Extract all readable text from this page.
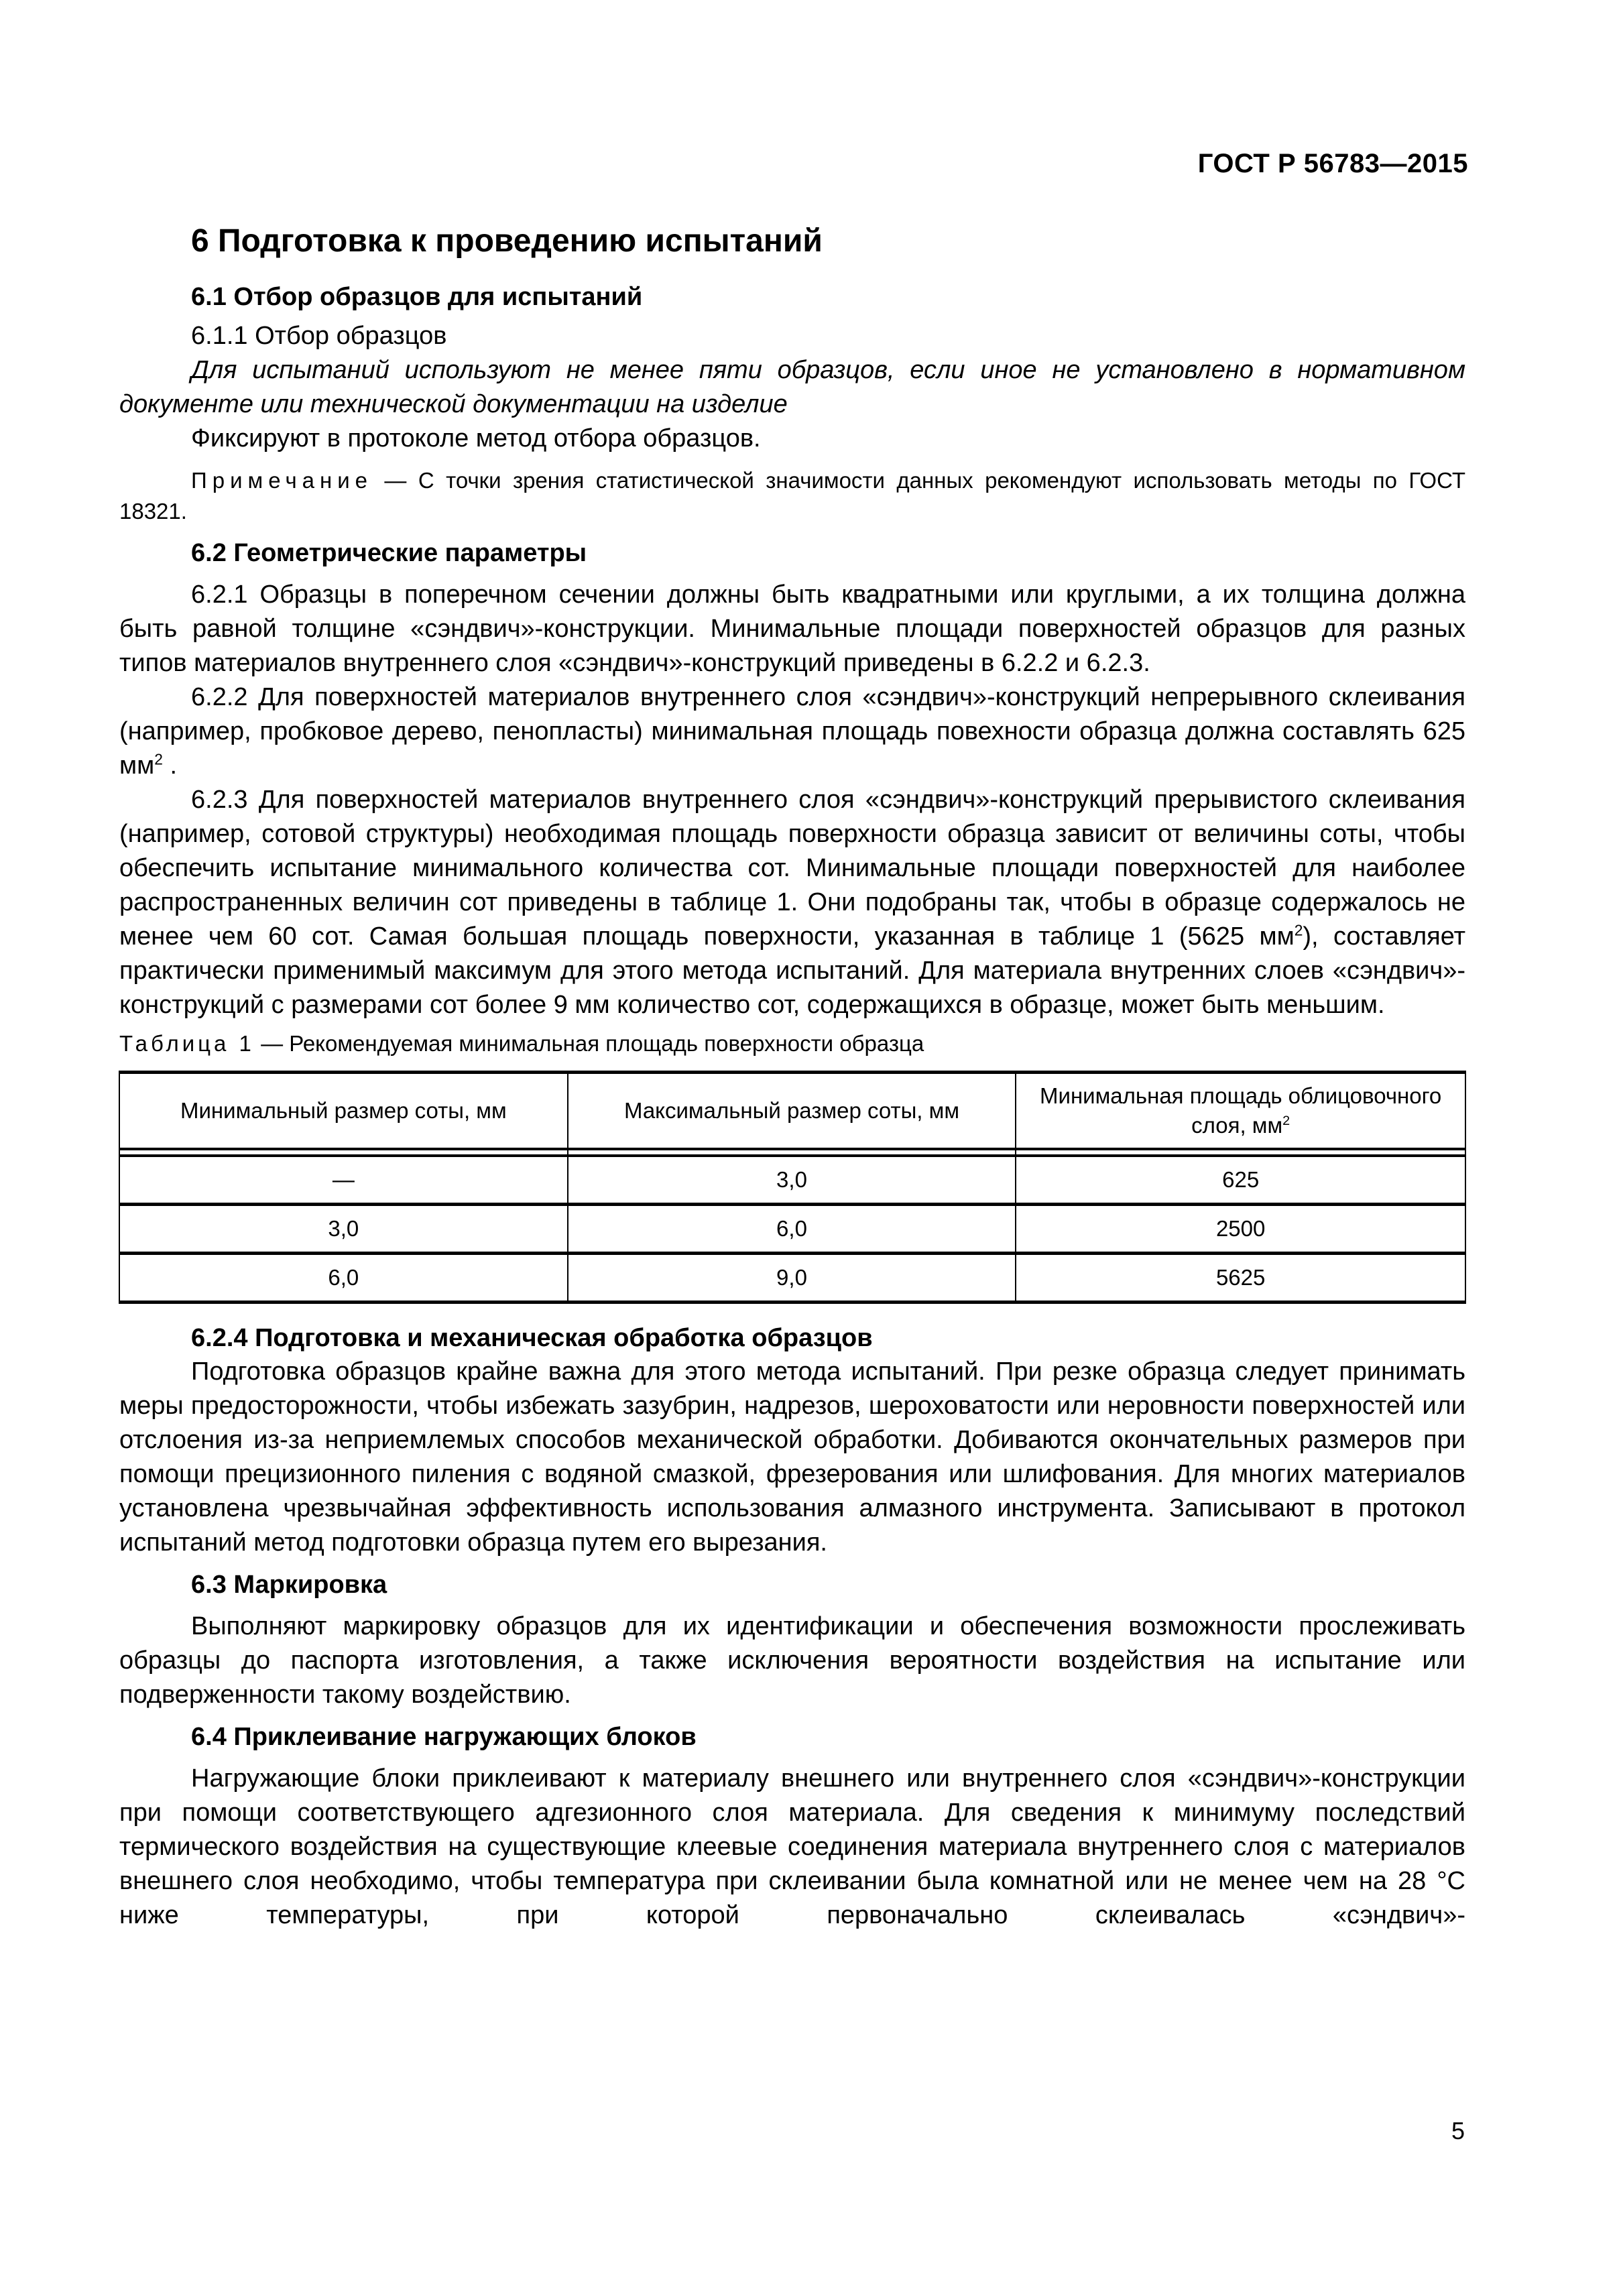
ГОСТ Р 56783—2015
6 Подготовка к проведению испытаний
6.1 Отбор образцов для испытаний

6.1.1 Отбор образцов

Для испытаний используют не менее пяти образцов, если иное не установлено в нормативном документе или технической документации на изделие

Фиксируют в протоколе метод отбора образцов.

Примечание — С точки зрения статистической значимости данных рекомендуют использовать методы по ГОСТ 18321.
6.2 Геометрические параметры

6.2.1 Образцы в поперечном сечении должны быть квадратными или круглыми, а их толщина должна быть равной толщине «сэндвич»-конструкции. Минимальные площади поверхностей образцов для разных типов материалов внутреннего слоя «сэндвич»-конструкций приведены в 6.2.2 и 6.2.3.

6.2.2 Для поверхностей материалов внутреннего слоя «сэндвич»-конструкций непрерывного склеивания (например, пробковое дерево, пенопласты) минимальная площадь повехности образца должна составлять 625 $мм^2$ .

6.2.3 Для поверхностей материалов внутреннего слоя «сэндвич»-конструкций прерывистого склеивания (например, сотовой структуры) необходимая площадь поверхности образца зависит от величины соты, чтобы обеспечить испытание минимального количества сот. Минимальные площади поверхностей для наиболее распространенных величин сот приведены в таблице 1. Они подобраны так, чтобы в образце содержалось не менее чем 60 сот. Самая большая площадь поверхности, указанная в таблице 1 (5625 $мм^2$), составляет практически применимый максимум для этого метода испытаний. Для материала внутренних слоев «сэндвич»-конструкций с размерами сот более 9 мм количество сот, содержащихся в образце, может быть меньшим.

Таблица 1 — Рекомендуемая минимальная площадь поверхности образца
Минимальный размер соты, мм	Максимальный размер соты, мм	Минимальная площадь облицовочного слоя, $мм^2$

—	3,0	625
3,0	6,0	2500
6,0	9,0	5625
6.2.4 Подготовка и механическая обработка образцов

Подготовка образцов крайне важна для этого метода испытаний. При резке образца следует принимать меры предосторожности, чтобы избежать зазубрин, надрезов, шероховатости или неровности поверхностей или отслоения из-за неприемлемых способов механической обработки. Добиваются окончательных размеров при помощи прецизионного пиления с водяной смазкой, фрезерования или шлифования. Для многих материалов установлена чрезвычайная эффективность использования алмазного инструмента. Записывают в протокол испытаний метод подготовки образца путем его вырезания.

6.3 Маркировка

Выполняют маркировку образцов для их идентификации и обеспечения возможности прослеживать образцы до паспорта изготовления, а также исключения вероятности воздействия на испытание или подверженности такому воздействию.

6.4 Приклеивание нагружающих блоков

Нагружающие блоки приклеивают к материалу внешнего или внутреннего слоя «сэндвич»-конструкции при помощи соответствующего адгезионного слоя материала. Для сведения к минимуму последствий термического воздействия на существующие клеевые соединения материала внутреннего слоя с материалов внешнего слоя необходимо, чтобы температура при склеивании была комнатной или не менее чем на 28 °С ниже температуры, при которой первоначально склеивалась «сэндвич»-

5
